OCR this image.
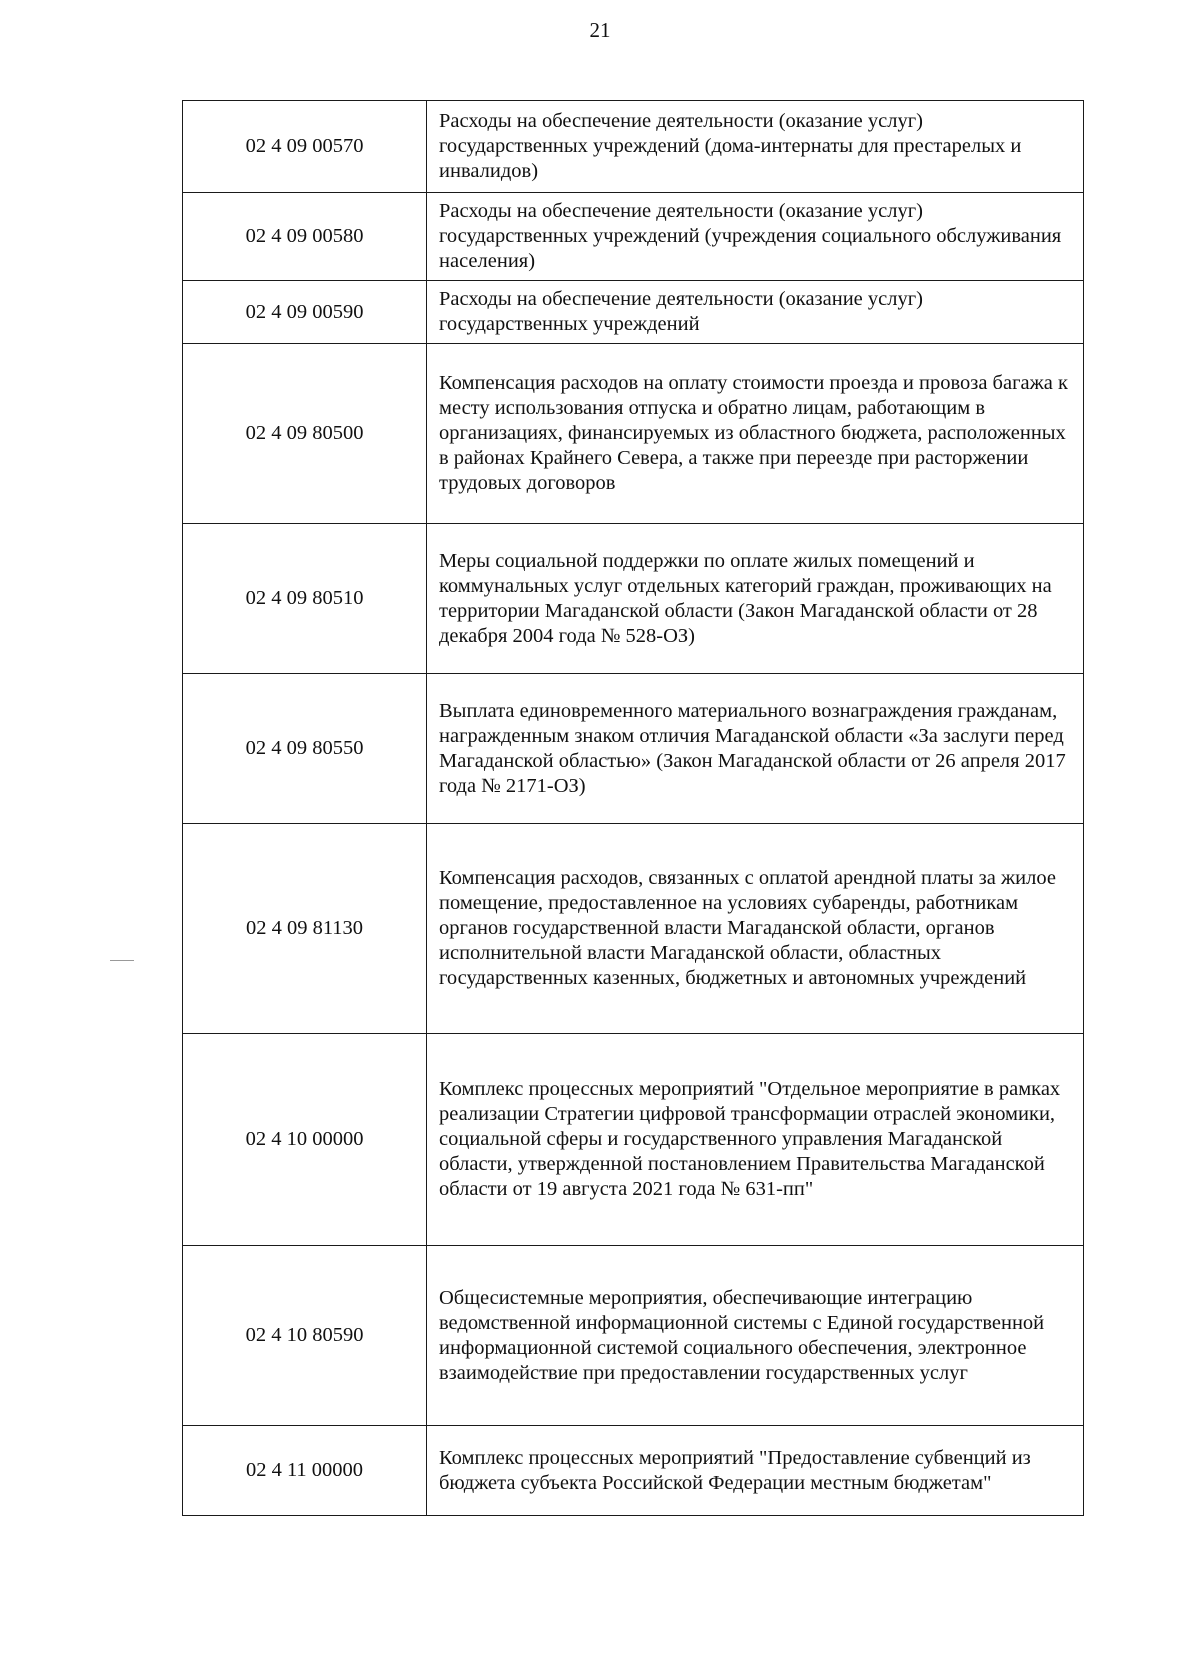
21
02 4 09 00570	Расходы на обеспечение деятельности (оказание услуг) государственных учреждений (дома-интернаты для престарелых и инвалидов)
02 4 09 00580	Расходы на обеспечение деятельности (оказание услуг) государственных учреждений (учреждения социального обслуживания населения)
02 4 09 00590	Расходы на обеспечение деятельности (оказание услуг) государственных учреждений
02 4 09 80500	Компенсация расходов на оплату стоимости проезда и провоза багажа к месту использования отпуска и обратно лицам, работающим в организациях, финансируемых из областного бюджета, расположенных в районах Крайнего Севера, а также при переезде при расторжении трудовых договоров
02 4 09 80510	Меры социальной поддержки по оплате жилых помещений и коммунальных услуг отдельных категорий граждан, проживающих на территории Магаданской области (Закон Магаданской области от 28 декабря 2004 года № 528-ОЗ)
02 4 09 80550	Выплата единовременного материального вознаграждения гражданам, награжденным знаком отличия Магаданской области «За заслуги перед Магаданской областью» (Закон Магаданской области от 26 апреля 2017 года № 2171-ОЗ)
02 4 09 81130	Компенсация расходов, связанных с оплатой арендной платы за жилое помещение, предоставленное на условиях субаренды, работникам органов государственной власти Магаданской области, органов исполнительной власти Магаданской области, областных государственных казенных, бюджетных и автономных учреждений
02 4 10 00000	Комплекс процессных мероприятий "Отдельное мероприятие в рамках реализации Стратегии цифровой трансформации отраслей экономики, социальной сферы и государственного управления Магаданской области, утвержденной постановлением Правительства Магаданской области от 19 августа 2021 года № 631-пп"
02 4 10 80590	Общесистемные мероприятия, обеспечивающие интеграцию ведомственной информационной системы с Единой государственной информационной системой социального обеспечения, электронное взаимодействие при предоставлении государственных услуг
02 4 11 00000	Комплекс процессных мероприятий "Предоставление субвенций из бюджета субъекта Российской Федерации местным бюджетам"
